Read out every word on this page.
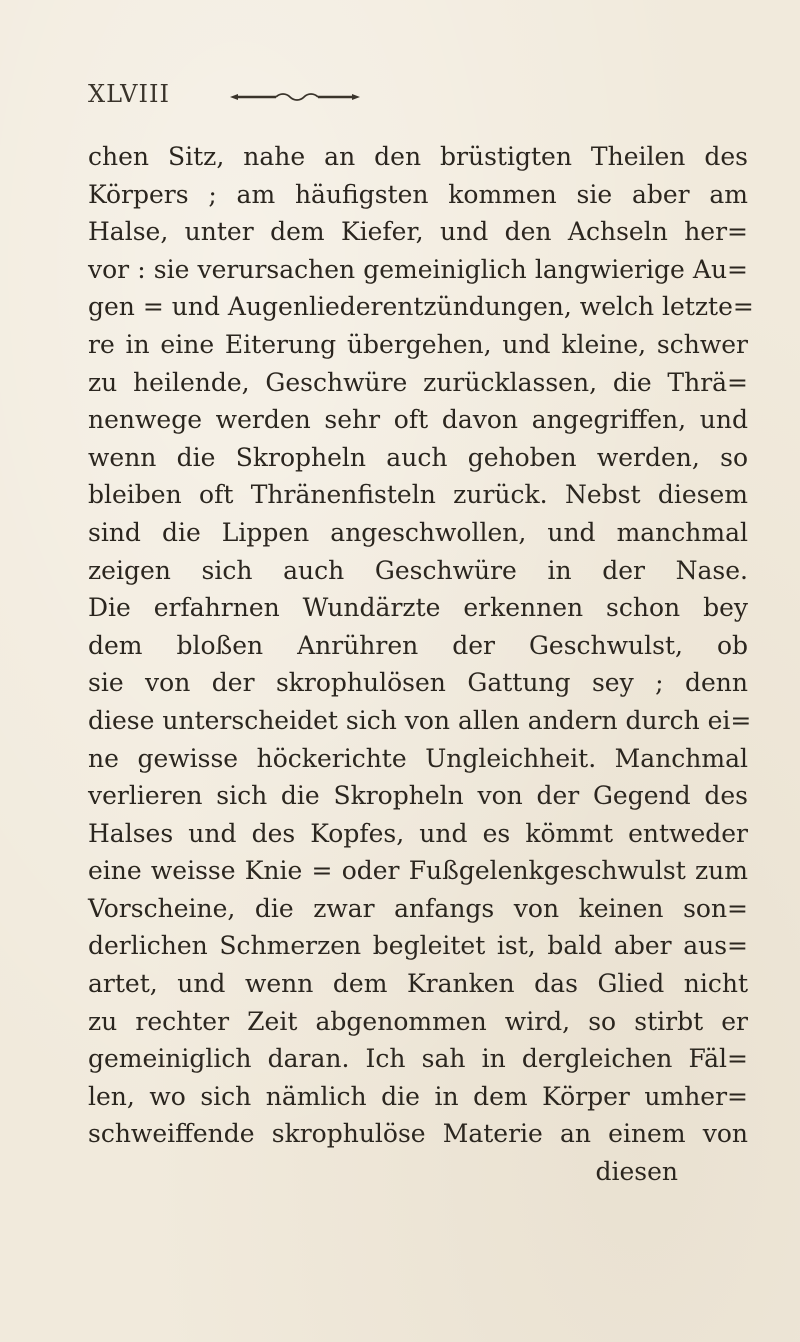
XLVIII
chen Sitz, nahe an den brüstigten Theilen des
Körpers ; am häufigsten kommen sie aber am
Halse, unter dem Kiefer, und den Achseln her=
vor : sie verursachen gemeiniglich langwierige Au=
gen = und Augenliederentzündungen, welch letzte=
re in eine Eiterung übergehen, und kleine, schwer
zu heilende, Geschwüre zurücklassen, die Thrä=
nenwege werden sehr oft davon angegriffen, und
wenn die Skropheln auch gehoben werden, so
bleiben oft Thränenfisteln zurück. Nebst diesem
sind die Lippen angeschwollen, und manchmal
zeigen sich auch Geschwüre in der Nase.
Die erfahrnen Wundärzte erkennen schon bey
dem bloßen Anrühren der Geschwulst, ob
sie von der skrophulösen Gattung sey ; denn
diese unterscheidet sich von allen andern durch ei=
ne gewisse höckerichte Ungleichheit. Manchmal
verlieren sich die Skropheln von der Gegend des
Halses und des Kopfes, und es kömmt entweder
eine weisse Knie = oder Fußgelenkgeschwulst zum
Vorscheine, die zwar anfangs von keinen son=
derlichen Schmerzen begleitet ist, bald aber aus=
artet, und wenn dem Kranken das Glied nicht
zu rechter Zeit abgenommen wird, so stirbt er
gemeiniglich daran. Ich sah in dergleichen Fäl=
len, wo sich nämlich die in dem Körper umher=
schweiffende skrophulöse Materie an einem von
diesen
